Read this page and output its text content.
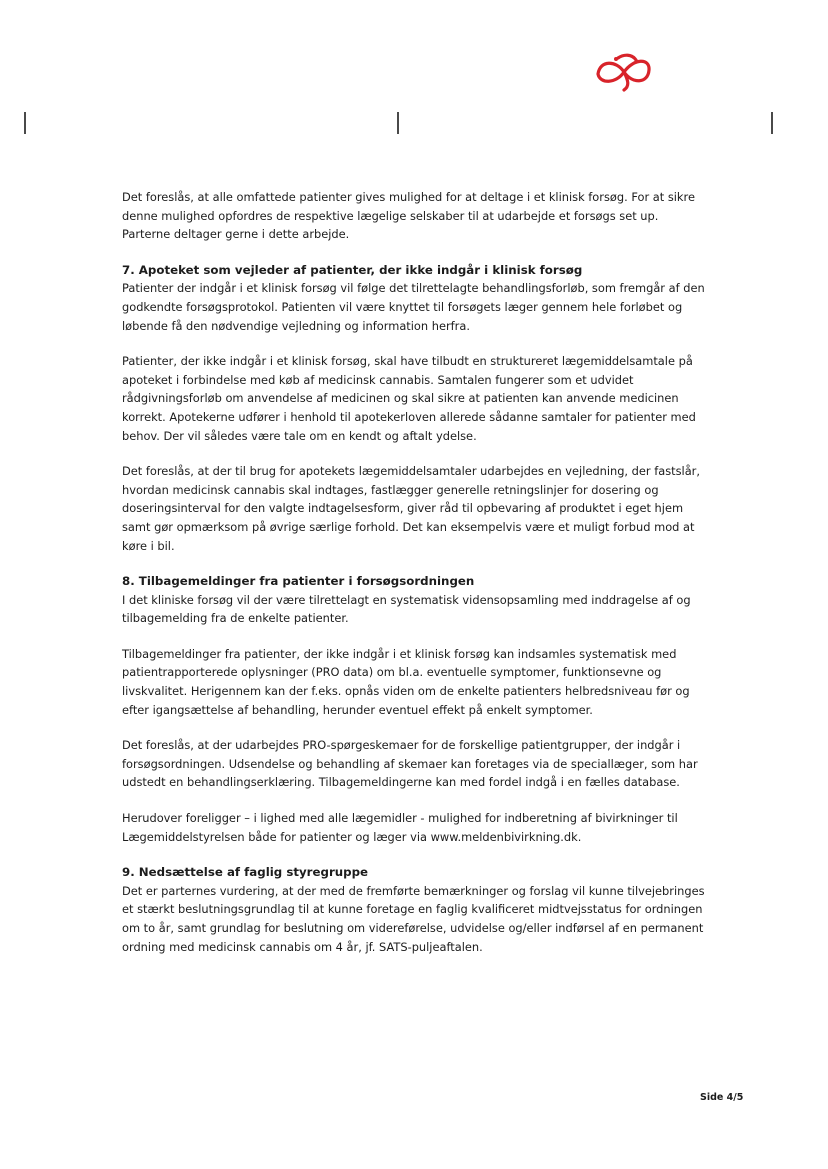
Det foreslås, at alle omfattede patienter gives mulighed for at deltage i et klinisk forsøg. For at sikre denne mulighed opfordres de respektive lægelige selskaber til at udarbejde et forsøgs set up. Parterne deltager gerne i dette arbejde.

7. Apoteket som vejleder af patienter, der ikke indgår i klinisk forsøg

Patienter der indgår i et klinisk forsøg vil følge det tilrettelagte behandlingsforløb, som fremgår af den godkendte forsøgsprotokol. Patienten vil være knyttet til forsøgets læger gennem hele forløbet og løbende få den nødvendige vejledning og information herfra.

Patienter, der ikke indgår i et klinisk forsøg, skal have tilbudt en struktureret lægemiddelsamtale på apoteket i forbindelse med køb af medicinsk cannabis. Samtalen fungerer som et udvidet rådgivningsforløb om anvendelse af medicinen og skal sikre at patienten kan anvende medicinen korrekt. Apotekerne udfører i henhold til apotekerloven allerede sådanne samtaler for patienter med behov. Der vil således være tale om en kendt og aftalt ydelse.

Det foreslås, at der til brug for apotekets lægemiddelsamtaler udarbejdes en vejledning, der fastslår, hvordan medicinsk cannabis skal indtages, fastlægger generelle retningslinjer for dosering og doseringsinterval for den valgte indtagelsesform, giver råd til opbevaring af produktet i eget hjem samt gør opmærksom på øvrige særlige forhold. Det kan eksempelvis være et muligt forbud mod at køre i bil.

8. Tilbagemeldinger fra patienter i forsøgsordningen

I det kliniske forsøg vil der være tilrettelagt en systematisk vidensopsamling med inddragelse af og tilbagemelding fra de enkelte patienter.

Tilbagemeldinger fra patienter, der ikke indgår i et klinisk forsøg kan indsamles systematisk med patientrapporterede oplysninger (PRO data) om bl.a. eventuelle symptomer, funktionsevne og livskvalitet. Herigennem kan der f.eks. opnås viden om de enkelte patienters helbredsniveau før og efter igangsættelse af behandling, herunder eventuel effekt på enkelt symptomer.

Det foreslås, at der udarbejdes PRO-spørgeskemaer for de forskellige patientgrupper, der indgår i forsøgsordningen. Udsendelse og behandling af skemaer kan foretages via de speciallæger, som har udstedt en behandlingserklæring. Tilbagemeldingerne kan med fordel indgå i en fælles database.

Herudover foreligger – i lighed med alle lægemidler - mulighed for indberetning af bivirkninger til Lægemiddelstyrelsen både for patienter og læger via www.meldenbivirkning.dk.

9. Nedsættelse af faglig styregruppe

Det er parternes vurdering, at der med de fremførte bemærkninger og forslag vil kunne tilvejebringes et stærkt beslutningsgrundlag til at kunne foretage en faglig kvalificeret midtvejsstatus for ordningen om to år, samt grundlag for beslutning om videreførelse, udvidelse og/eller indførsel af en permanent ordning med medicinsk cannabis om 4 år, jf. SATS-puljeaftalen.

Side 4/5
